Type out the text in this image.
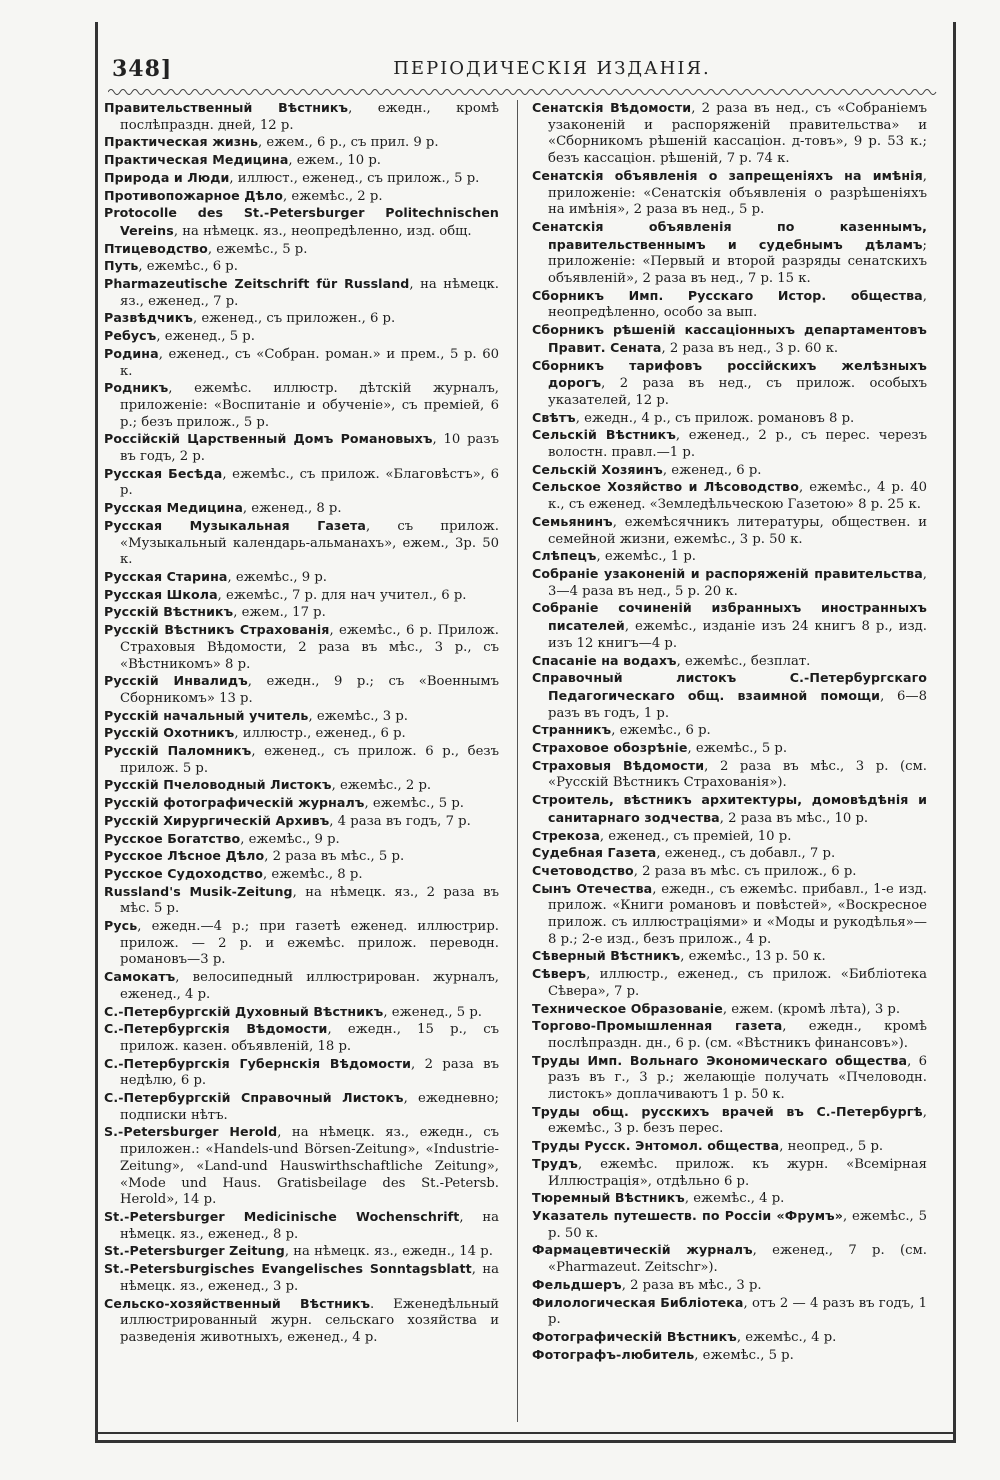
348]	ПЕРІОДИЧЕСКІЯ ИЗДАНІЯ.

Правительственный Вѣстникъ, ежедн., кромѣ послѣпраздн. дней, 12 р.

Практическая жизнь, ежем., 6 р., съ прил. 9 р.

Практическая Медицина, ежем., 10 р.

Природа и Люди, иллюст., еженед., съ прилож., 5 р.

Противопожарное Дѣло, ежемѣс., 2 р.

Protocolle des St.-Petersburger Politechnischen Vereins, на нѣмецк. яз., неопредѣленно, изд. общ.

Птицеводство, ежемѣс., 5 р.

Путь, ежемѣс., 6 р.

Pharmazeutische Zeitschrift für Russland, на нѣмецк. яз., еженед., 7 р.

Развѣдчикъ, еженед., съ приложен., 6 р.

Ребусъ, еженед., 5 р.

Родина, еженед., съ «Собран. роман.» и прем., 5 р. 60 к.

Родникъ, ежемѣс. иллюстр. дѣтскій журналъ, приложеніе: «Воспитаніе и обученіе», съ преміей, 6 р.; безъ прилож., 5 р.

Россійскій Царственный Домъ Романовыхъ, 10 разъ въ годъ, 2 р.

Русская Бесѣда, ежемѣс., съ прилож. «Благовѣстъ», 6 р.

Русская Медицина, еженед., 8 р.

Русская Музыкальная Газета, съ прилож. «Музыкальный календарь-альманахъ», ежем., 3р. 50 к.

Русская Старина, ежемѣс., 9 р.

Русская Школа, ежемѣс., 7 р. для нач учител., 6 р.

Русскій Вѣстникъ, ежем., 17 р.

Русскій Вѣстникъ Страхованія, ежемѣс., 6 р. Прилож. Страховыя Вѣдомости, 2 раза въ мѣс., 3 р., съ «Вѣстникомъ» 8 р.

Русскій Инвалидъ, ежедн., 9 р.; съ «Военнымъ Сборникомъ» 13 р.

Русскій начальный учитель, ежемѣс., 3 р.

Русскій Охотникъ, иллюстр., еженед., 6 р.

Русскій Паломникъ, еженед., съ прилож. 6 р., безъ прилож. 5 р.

Русскій Пчеловодный Листокъ, ежемѣс., 2 р.

Русскій фотографическій журналъ, ежемѣс., 5 р.

Русскій Хирургическій Архивъ, 4 раза въ годъ, 7 р.

Русское Богатство, ежемѣс., 9 р.

Русское Лѣсное Дѣло, 2 раза въ мѣс., 5 р.

Русское Судоходство, ежемѣс., 8 р.

Russland's Musik-Zeitung, на нѣмецк. яз., 2 раза въ мѣс. 5 р.

Русь, ежедн.—4 р.; при газетѣ еженед. иллюстрир. прилож. — 2 р. и ежемѣс. прилож. переводн. романовъ—3 р.

Самокатъ, велосипедный иллюстрирован. журналъ, еженед., 4 р.

С.-Петербургскій Духовный Вѣстникъ, еженед., 5 р.

С.-Петербургскія Вѣдомости, ежедн., 15 р., съ прилож. казен. объявленій, 18 р.

С.-Петербургскія Губернскія Вѣдомости, 2 раза въ недѣлю, 6 р.

С.-Петербургскій Справочный Листокъ, ежедневно; подписки нѣтъ.

S.-Petersburger Herold, на нѣмецк. яз., ежедн., съ приложен.: «Handels-und Börsen-Zeitung», «Industrie-Zeitung», «Land-und Hauswirthschaftliche Zeitung», «Mode und Haus. Gratisbeilage des St.-Petersb. Herold», 14 р.

St.-Petersburger Medicinische Wochenschrift, на нѣмецк. яз., еженед., 8 р.

St.-Petersburger Zeitung, на нѣмецк. яз., ежедн., 14 р.

St.-Petersburgisches Evangelisches Sonntagsblatt, на нѣмецк. яз., еженед., 3 р.

Сельско-хозяйственный Вѣстникъ. Еженедѣльный иллюстрированный журн. сельскаго хозяйства и разведенія животныхъ, еженед., 4 р.

Сенатскія Вѣдомости, 2 раза въ нед., съ «Собраніемъ узаконеній и распоряженій правительства» и «Сборникомъ рѣшеній кассаціон. д-товъ», 9 р. 53 к.; безъ кассаціон. рѣшеній, 7 р. 74 к.

Сенатскія объявленія о запрещеніяхъ на имѣнія, приложеніе: «Сенатскія объявленія о разрѣшеніяхъ на имѣнія», 2 раза въ нед., 5 р.

Сенатскія объявленія по казеннымъ, правительственнымъ и судебнымъ дѣламъ; приложеніе: «Первый и второй разряды сенатскихъ объявленій», 2 раза въ нед., 7 р. 15 к.

Сборникъ Имп. Русскаго Истор. общества, неопредѣленно, особо за вып.

Сборникъ рѣшеній кассаціонныхъ департаментовъ Правит. Сената, 2 раза въ нед., 3 р. 60 к.

Сборникъ тарифовъ россійскихъ желѣзныхъ дорогъ, 2 раза въ нед., съ прилож. особыхъ указателей, 12 р.

Свѣтъ, ежедн., 4 р., съ прилож. романовъ 8 р.

Сельскій Вѣстникъ, еженед., 2 р., съ перес. черезъ волостн. правл.—1 р.

Сельскій Хозяинъ, еженед., 6 р.

Сельское Хозяйство и Лѣсоводство, ежемѣс., 4 р. 40 к., съ еженед. «Земледѣльческою Газетою» 8 р. 25 к.

Семьянинъ, ежемѣсячникъ литературы, обществен. и семейной жизни, ежемѣс., 3 р. 50 к.

Слѣпецъ, ежемѣс., 1 р.

Собраніе узаконеній и распоряженій правительства, 3—4 раза въ нед., 5 р. 20 к.

Собраніе сочиненій избранныхъ иностранныхъ писателей, ежемѣс., изданіе изъ 24 книгъ 8 р., изд. изъ 12 книгъ—4 р.

Спасаніе на водахъ, ежемѣс., безплат.

Справочный листокъ С.-Петербургскаго Педагогическаго общ. взаимной помощи, 6—8 разъ въ годъ, 1 р.

Странникъ, ежемѣс., 6 р.

Страховое обозрѣніе, ежемѣс., 5 р.

Страховыя Вѣдомости, 2 раза въ мѣс., 3 р. (см. «Русскій Вѣстникъ Страхованія»).

Строитель, вѣстникъ архитектуры, домовѣдѣнія и санитарнаго зодчества, 2 раза въ мѣс., 10 р.

Стрекоза, еженед., съ преміей, 10 р.

Судебная Газета, еженед., съ добавл., 7 р.

Счетоводство, 2 раза въ мѣс. съ прилож., 6 р.

Сынъ Отечества, ежедн., съ ежемѣс. прибавл., 1-е изд. прилож. «Книги романовъ и повѣстей», «Воскресное прилож. съ иллюстраціями» и «Моды и рукодѣлья»—8 р.; 2-е изд., безъ прилож., 4 р.

Сѣверный Вѣстникъ, ежемѣс., 13 р. 50 к.

Сѣверъ, иллюстр., еженед., съ прилож. «Библіотека Сѣвера», 7 р.

Техническое Образованіе, ежем. (кромѣ лѣта), 3 р.

Торгово-Промышленная газета, ежедн., кромѣ послѣпраздн. дн., 6 р. (см. «Вѣстникъ финансовъ»).

Труды Имп. Вольнаго Экономическаго общества, 6 разъ въ г., 3 р.; желающіе получать «Пчеловодн. листокъ» доплачиваютъ 1 р. 50 к.

Труды общ. русскихъ врачей въ С.-Петербургѣ, ежемѣс., 3 р. безъ перес.

Труды Русск. Энтомол. общества, неопред., 5 р.

Трудъ, ежемѣс. прилож. къ журн. «Всемірная Иллюстрація», отдѣльно 6 р.

Тюремный Вѣстникъ, ежемѣс., 4 р.

Указатель путешеств. по Россіи «Фрумъ», ежемѣс., 5 р. 50 к.

Фармацевтическій журналъ, еженед., 7 р. (см. «Pharmazeut. Zeitschr»).

Фельдшеръ, 2 раза въ мѣс., 3 р.

Филологическая Библіотека, отъ 2 — 4 разъ въ годъ, 1 р.

Фотографическій Вѣстникъ, ежемѣс., 4 р.

Фотографъ-любитель, ежемѣс., 5 р.
